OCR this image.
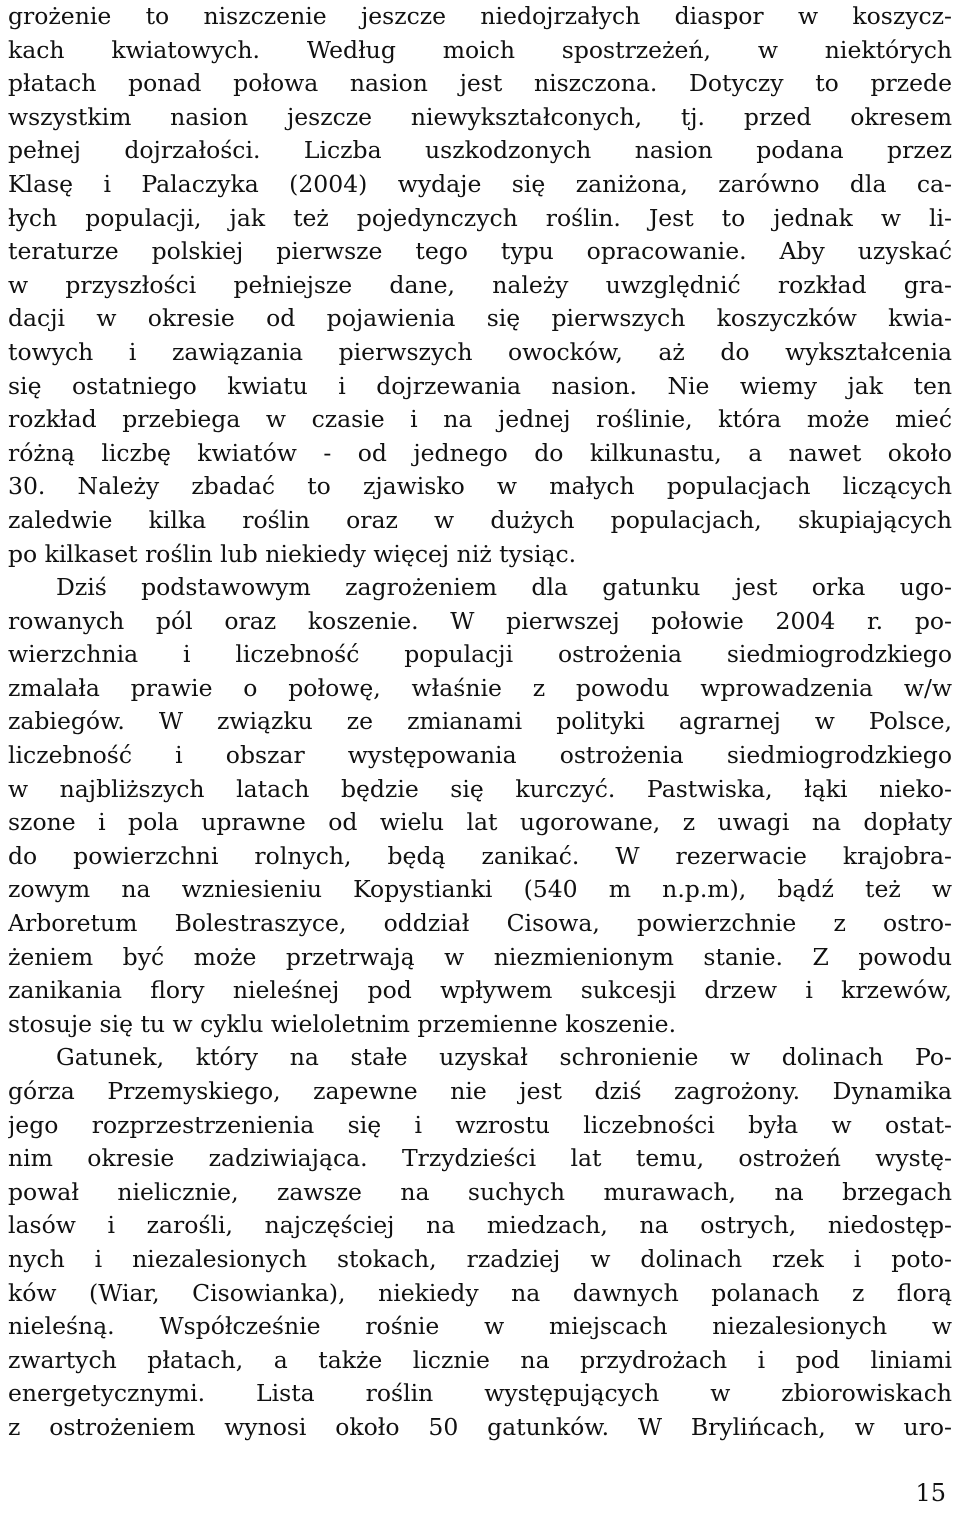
grożenie to niszczenie jeszcze niedojrzałych diaspor w koszycz-
kach kwiatowych. Według moich spostrzeżeń, w niektórych
płatach ponad połowa nasion jest niszczona. Dotyczy to przede
wszystkim nasion jeszcze niewykształconych, tj. przed okresem
pełnej dojrzałości. Liczba uszkodzonych nasion podana przez
Klasę i Palaczyka (2004) wydaje się zaniżona, zarówno dla ca-
łych populacji, jak też pojedynczych roślin. Jest to jednak w li-
teraturze polskiej pierwsze tego typu opracowanie. Aby uzyskać
w przyszłości pełniejsze dane, należy uwzględnić rozkład gra-
dacji w okresie od pojawienia się pierwszych koszyczków kwia-
towych i zawiązania pierwszych owocków, aż do wykształcenia
się ostatniego kwiatu i dojrzewania nasion. Nie wiemy jak ten
rozkład przebiega w czasie i na jednej roślinie, która może mieć
różną liczbę kwiatów - od jednego do kilkunastu, a nawet około
30. Należy zbadać to zjawisko w małych populacjach liczących
zaledwie kilka roślin oraz w dużych populacjach, skupiających
po kilkaset roślin lub niekiedy więcej niż tysiąc.
Dziś podstawowym zagrożeniem dla gatunku jest orka ugo-
rowanych pól oraz koszenie. W pierwszej połowie 2004 r. po-
wierzchnia i liczebność populacji ostrożenia siedmiogrodzkiego
zmalała prawie o połowę, właśnie z powodu wprowadzenia w/w
zabiegów. W związku ze zmianami polityki agrarnej w Polsce,
liczebność i obszar występowania ostrożenia siedmiogrodzkiego
w najbliższych latach będzie się kurczyć. Pastwiska, łąki nieko-
szone i pola uprawne od wielu lat ugorowane, z uwagi na dopłaty
do powierzchni rolnych, będą zanikać. W rezerwacie krajobra-
zowym na wzniesieniu Kopystianki (540 m n.p.m), bądź też w
Arboretum Bolestraszyce, oddział Cisowa, powierzchnie z ostro-
żeniem być może przetrwają w niezmienionym stanie. Z powodu
zanikania flory nieleśnej pod wpływem sukcesji drzew i krzewów,
stosuje się tu w cyklu wieloletnim przemienne koszenie.
Gatunek, który na stałe uzyskał schronienie w dolinach Po-
górza Przemyskiego, zapewne nie jest dziś zagrożony. Dynamika
jego rozprzestrzenienia się i wzrostu liczebności była w ostat-
nim okresie zadziwiająca. Trzydzieści lat temu, ostrożeń wystę-
pował nielicznie, zawsze na suchych murawach, na brzegach
lasów i zarośli, najczęściej na miedzach, na ostrych, niedostęp-
nych i niezalesionych stokach, rzadziej w dolinach rzek i poto-
ków (Wiar, Cisowianka), niekiedy na dawnych polanach z florą
nieleśną. Współcześnie rośnie w miejscach niezalesionych w
zwartych płatach, a także licznie na przydrożach i pod liniami
energetycznymi. Lista roślin występujących w zbiorowiskach
z ostrożeniem wynosi około 50 gatunków. W Brylińcach, w uro-
15
